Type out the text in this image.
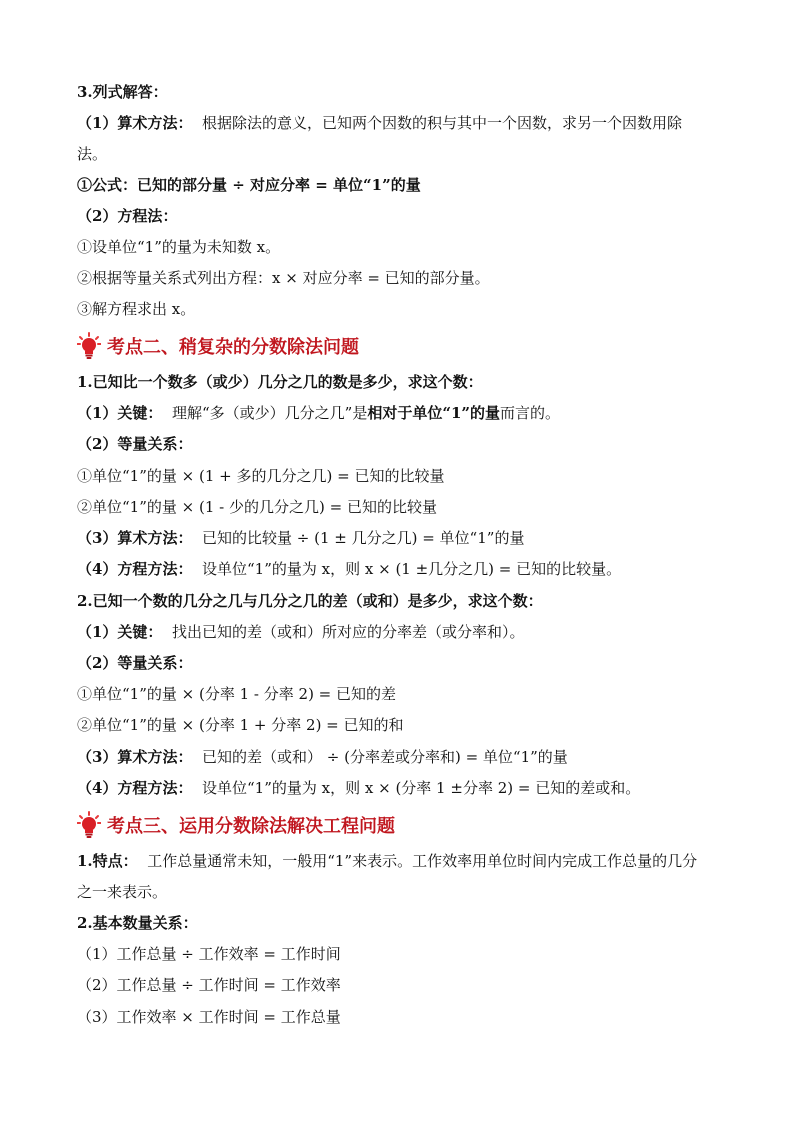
3.列式解答：
（1）算术方法： 根据除法的意义，已知两个因数的积与其中一个因数，求另一个因数用除
法。
①公式：已知的部分量 ÷ 对应分率 = 单位“1”的量
（2）方程法：
①设单位“1”的量为未知数 x。
②根据等量关系式列出方程：x × 对应分率 = 已知的部分量。
③解方程求出 x。
考点二、稍复杂的分数除法问题
1.已知比一个数多（或少）几分之几的数是多少，求这个数：
（1）关键： 理解“多（或少）几分之几”是相对于单位“1”的量而言的。
（2）等量关系：
①单位“1”的量 × (1 + 多的几分之几) = 已知的比较量
②单位“1”的量 × (1 - 少的几分之几) = 已知的比较量
（3）算术方法： 已知的比较量 ÷ (1 ± 几分之几) = 单位“1”的量
（4）方程方法： 设单位“1”的量为 x，则 x × (1 ±几分之几) = 已知的比较量。
2.已知一个数的几分之几与几分之几的差（或和）是多少，求这个数：
（1）关键： 找出已知的差（或和）所对应的分率差（或分率和）。
（2）等量关系：
①单位“1”的量 × (分率 1 - 分率 2) = 已知的差
②单位“1”的量 × (分率 1 + 分率 2) = 已知的和
（3）算术方法： 已知的差（或和） ÷ (分率差或分率和) = 单位“1”的量
（4）方程方法： 设单位“1”的量为 x，则 x × (分率 1 ±分率 2) = 已知的差或和。
考点三、运用分数除法解决工程问题
1.特点： 工作总量通常未知，一般用“1”来表示。工作效率用单位时间内完成工作总量的几分
之一来表示。
2.基本数量关系：
（1）工作总量 ÷ 工作效率 = 工作时间
（2）工作总量 ÷ 工作时间 = 工作效率
（3）工作效率 × 工作时间 = 工作总量
